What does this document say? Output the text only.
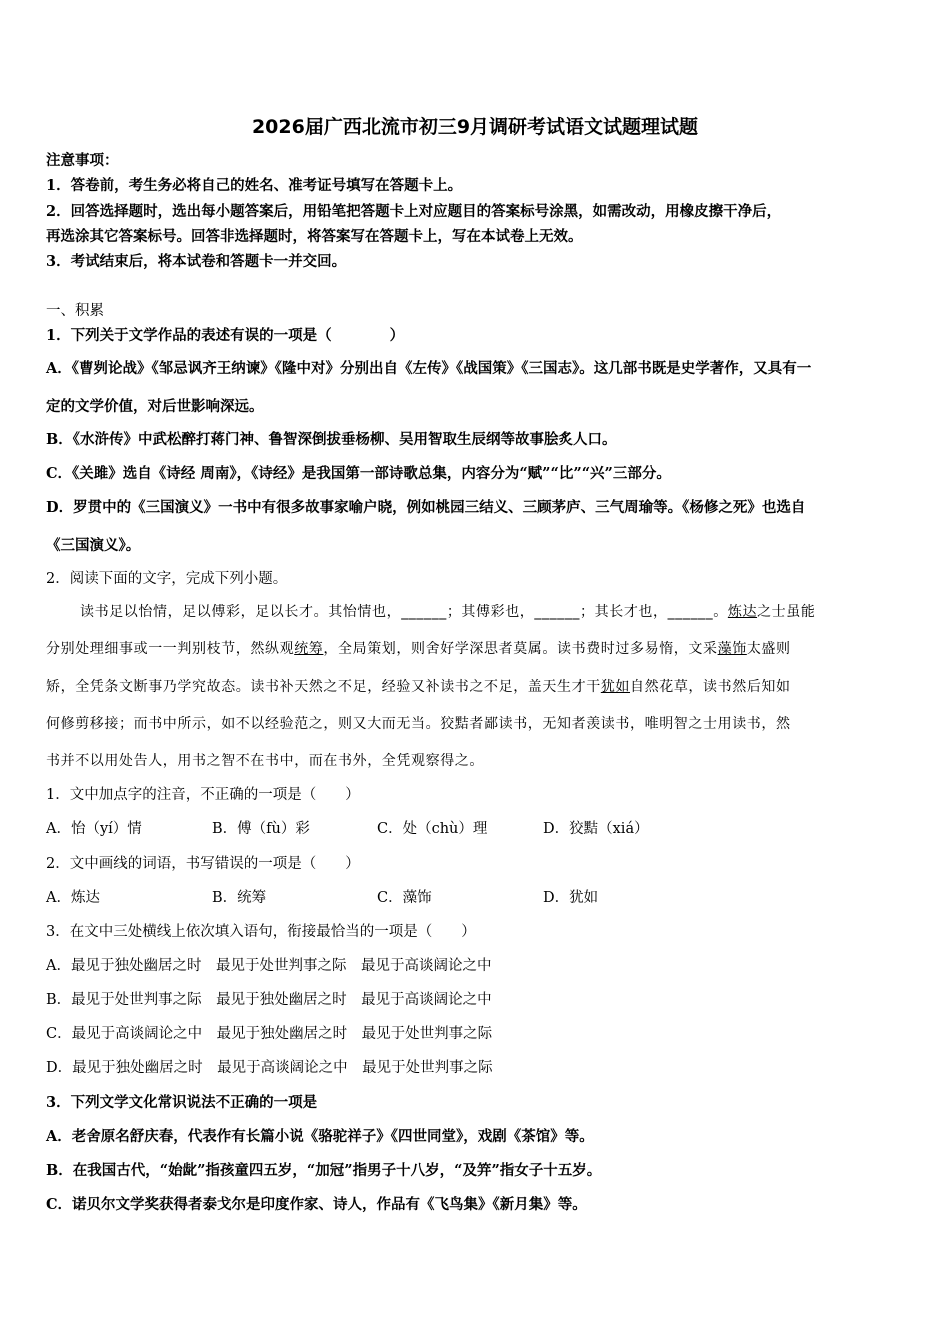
2026届广西北流市初三9月调研考试语文试题理试题
注意事项：
1．答卷前，考生务必将自己的姓名、准考证号填写在答题卡上。
2．回答选择题时，选出每小题答案后，用铅笔把答题卡上对应题目的答案标号涂黑，如需改动，用橡皮擦干净后，
再选涂其它答案标号。回答非选择题时，将答案写在答题卡上，写在本试卷上无效。
3．考试结束后，将本试卷和答题卡一并交回。
一、积累
1．下列关于文学作品的表述有误的一项是（　　　　）
A．《曹刿论战》《邹忌讽齐王纳谏》《隆中对》分别出自《左传》《战国策》《三国志》。这几部书既是史学著作，又具有一
定的文学价值，对后世影响深远。
B．《水浒传》中武松醉打蒋门神、鲁智深倒拔垂杨柳、吴用智取生辰纲等故事脍炙人口。
C．《关雎》选自《诗经 周南》，《诗经》是我国第一部诗歌总集，内容分为“赋”“比”“兴”三部分。
D．罗贯中的《三国演义》一书中有很多故事家喻户晓，例如桃园三结义、三顾茅庐、三气周瑜等。《杨修之死》也选自
《三国演义》。
2．阅读下面的文字，完成下列小题。
读书足以怡情，足以傅彩，足以长才。其怡情也，______；其傅彩也，______；其长才也，______。炼达之士虽能
分别处理细事或一一判别枝节，然纵观统筹，全局策划，则舍好学深思者莫属。读书费时过多易惰，文采藻饰太盛则
矫，全凭条文断事乃学究故态。读书补天然之不足，经验又补读书之不足，盖天生才干犹如自然花草，读书然后知如
何修剪移接；而书中所示，如不以经验范之，则又大而无当。狡黠者鄙读书，无知者羡读书，唯明智之士用读书，然
书并不以用处告人，用书之智不在书中，而在书外，全凭观察得之。
1．文中加点字的注音，不正确的一项是（　　）
A．怡（yí）情	B．傅（fù）彩	C．处（chù）理	D．狡黠（xiá）
2．文中画线的词语，书写错误的一项是（　　）
A．炼达	B．统筹	C．藻饰	D．犹如
3．在文中三处横线上依次填入语句，衔接最恰当的一项是（　　）
A．最见于独处幽居之时　最见于处世判事之际　最见于高谈阔论之中
B．最见于处世判事之际　最见于独处幽居之时　最见于高谈阔论之中
C．最见于高谈阔论之中　最见于独处幽居之时　最见于处世判事之际
D．最见于独处幽居之时　最见于高谈阔论之中　最见于处世判事之际
3．下列文学文化常识说法不正确的一项是
A．老舍原名舒庆春，代表作有长篇小说《骆驼祥子》《四世同堂》，戏剧《茶馆》等。
B．在我国古代，“始龀”指孩童四五岁，“加冠”指男子十八岁，“及笄”指女子十五岁。
C．诺贝尔文学奖获得者泰戈尔是印度作家、诗人，作品有《飞鸟集》《新月集》等。
